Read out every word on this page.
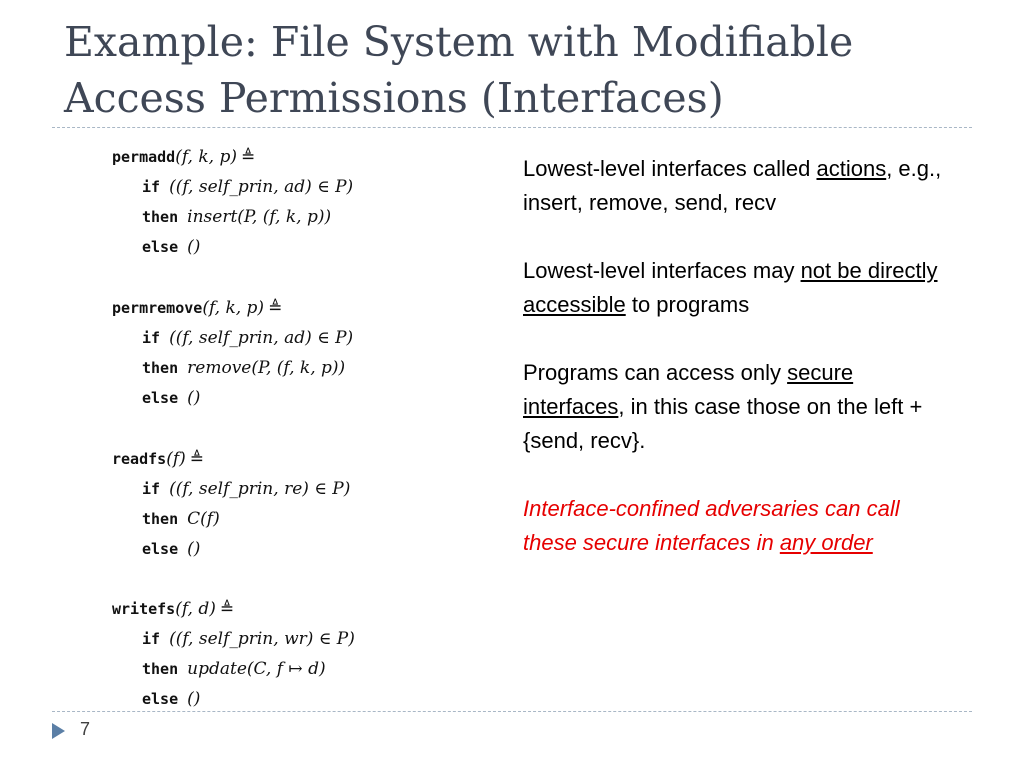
Example: File System with Modifiable
Access Permissions (Interfaces)
permadd(f, k, p) ≜
if ((f, self_prin, ad) ∈ P)
then insert(P, (f, k, p))
else ()
permremove(f, k, p) ≜
if ((f, self_prin, ad) ∈ P)
then remove(P, (f, k, p))
else ()
readfs(f) ≜
if ((f, self_prin, re) ∈ P)
then C(f)
else ()
writefs(f, d) ≜
if ((f, self_prin, wr) ∈ P)
then update(C, f ↦ d)
else ()
Lowest-level interfaces called actions, e.g., insert, remove, send, recv
Lowest-level interfaces may not be directly accessible to programs
Programs can access only secure interfaces, in this case those on the left + {send, recv}.
Interface-confined adversaries can call these secure interfaces in any order
7
